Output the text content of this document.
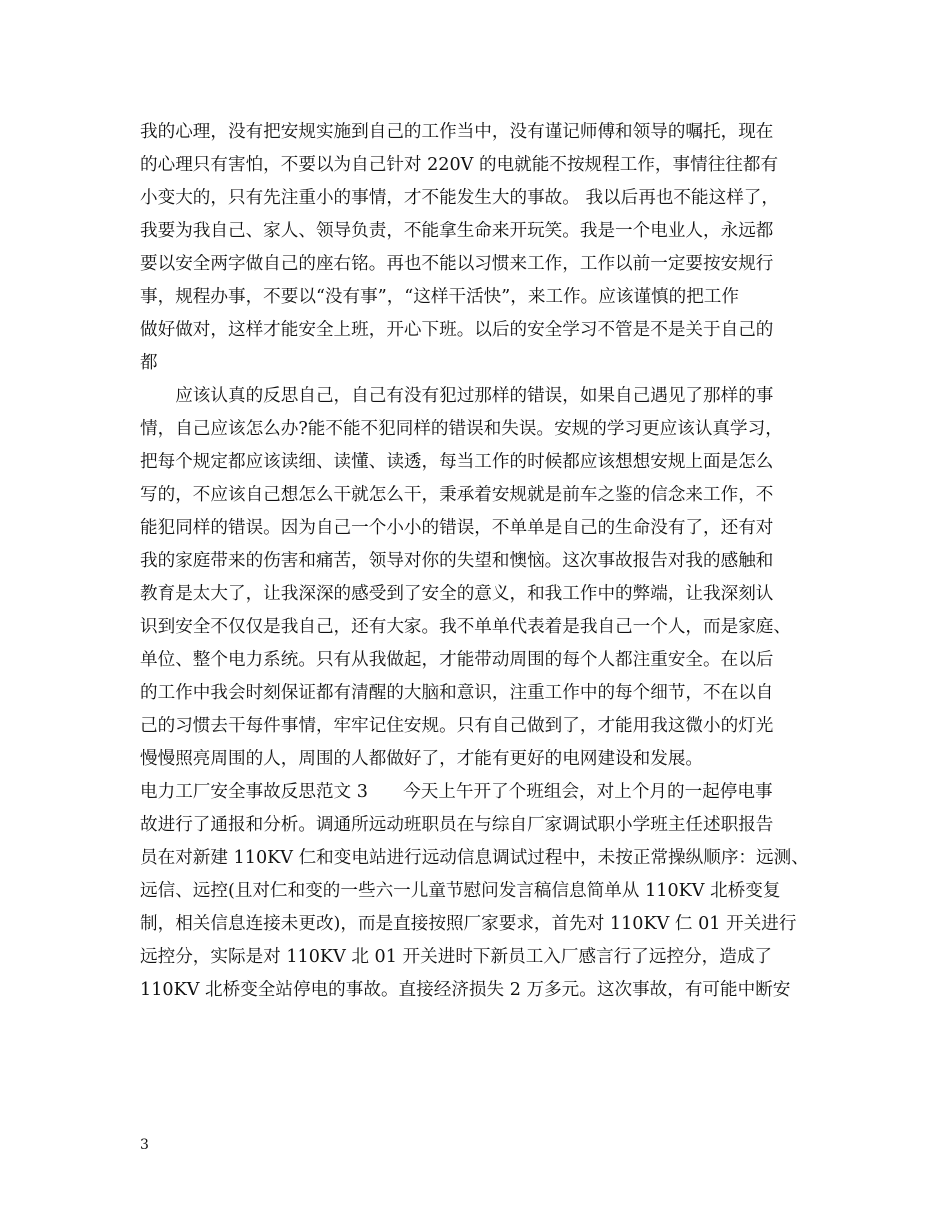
我的心理，没有把安规实施到自己的工作当中，没有谨记师傅和领导的嘱托，现在
的心理只有害怕，不要以为自己针对 220V 的电就能不按规程工作，事情往往都有
小变大的，只有先注重小的事情，才不能发生大的事故。 我以后再也不能这样了，
我要为我自己、家人、领导负责，不能拿生命来开玩笑。我是一个电业人，永远都
要以安全两字做自己的座右铭。再也不能以习惯来工作，工作以前一定要按安规行
事，规程办事，不要以“没有事”，“这样干活快”，来工作。应该谨慎的把工作
做好做对，这样才能安全上班，开心下班。以后的安全学习不管是不是关于自己的
都
　　应该认真的反思自己，自己有没有犯过那样的错误，如果自己遇见了那样的事
情，自己应该怎么办?能不能不犯同样的错误和失误。安规的学习更应该认真学习，
把每个规定都应该读细、读懂、读透，每当工作的时候都应该想想安规上面是怎么
写的，不应该自己想怎么干就怎么干，秉承着安规就是前车之鉴的信念来工作，不
能犯同样的错误。因为自己一个小小的错误，不单单是自己的生命没有了，还有对
我的家庭带来的伤害和痛苦，领导对你的失望和懊恼。这次事故报告对我的感触和
教育是太大了，让我深深的感受到了安全的意义，和我工作中的弊端，让我深刻认
识到安全不仅仅是我自己，还有大家。我不单单代表着是我自己一个人，而是家庭、
单位、整个电力系统。只有从我做起，才能带动周围的每个人都注重安全。在以后
的工作中我会时刻保证都有清醒的大脑和意识，注重工作中的每个细节，不在以自
己的习惯去干每件事情，牢牢记住安规。只有自己做到了，才能用我这微小的灯光
慢慢照亮周围的人，周围的人都做好了，才能有更好的电网建设和发展。
电力工厂安全事故反思范文 3　　今天上午开了个班组会，对上个月的一起停电事
故进行了通报和分析。调通所远动班职员在与综自厂家调试职小学班主任述职报告
员在对新建 110KV 仁和变电站进行远动信息调试过程中，未按正常操纵顺序：远测、
远信、远控(且对仁和变的一些六一儿童节慰问发言稿信息简单从 110KV 北桥变复
制，相关信息连接未更改)，而是直接按照厂家要求，首先对 110KV 仁 01 开关进行
远控分，实际是对 110KV 北 01 开关进时下新员工入厂感言行了远控分，造成了
110KV 北桥变全站停电的事故。直接经济损失 2 万多元。这次事故，有可能中断安
3
